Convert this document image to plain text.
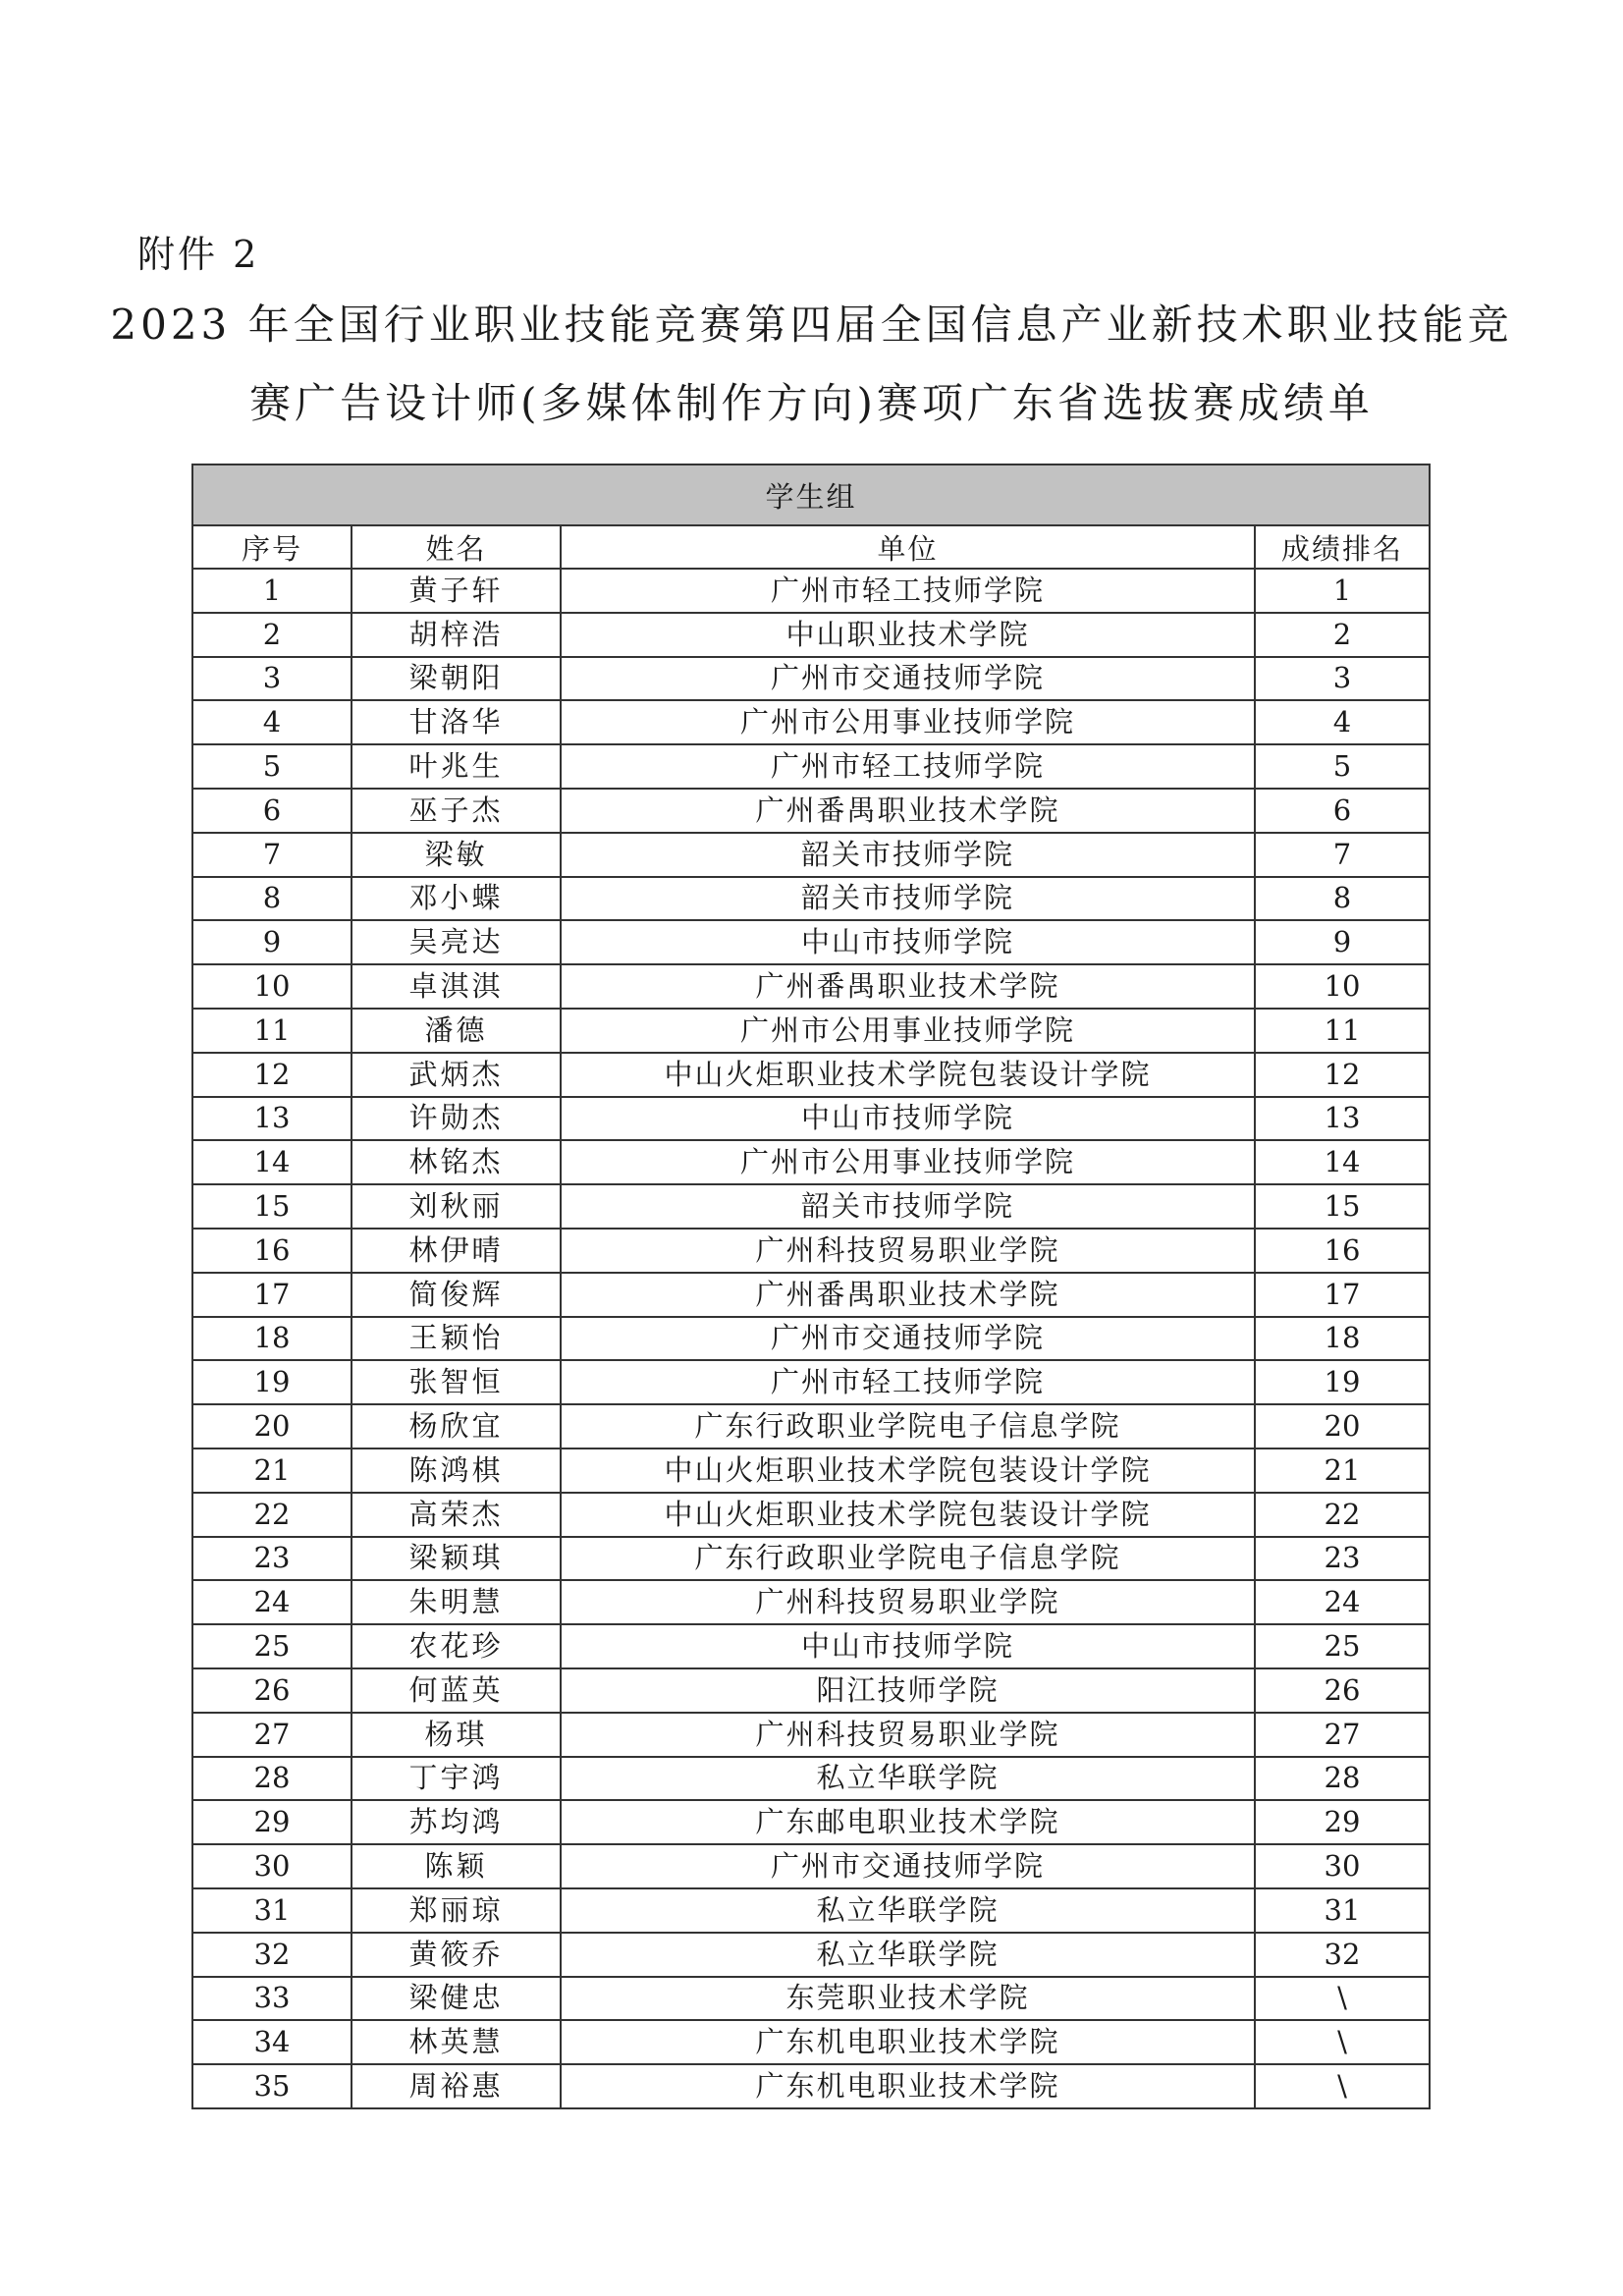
附件 2
2023 年全国行业职业技能竞赛第四届全国信息产业新技术职业技能竞
赛广告设计师(多媒体制作方向)赛项广东省选拔赛成绩单
学生组			
序号	姓名	单位	成绩排名
1	黄子轩	广州市轻工技师学院	1
2	胡梓浩	中山职业技术学院	2
3	梁朝阳	广州市交通技师学院	3
4	甘洛华	广州市公用事业技师学院	4
5	叶兆生	广州市轻工技师学院	5
6	巫子杰	广州番禺职业技术学院	6
7	梁敏	韶关市技师学院	7
8	邓小蝶	韶关市技师学院	8
9	吴亮达	中山市技师学院	9
10	卓淇淇	广州番禺职业技术学院	10
11	潘德	广州市公用事业技师学院	11
12	武炳杰	中山火炬职业技术学院包装设计学院	12
13	许勋杰	中山市技师学院	13
14	林铭杰	广州市公用事业技师学院	14
15	刘秋丽	韶关市技师学院	15
16	林伊晴	广州科技贸易职业学院	16
17	简俊辉	广州番禺职业技术学院	17
18	王颖怡	广州市交通技师学院	18
19	张智恒	广州市轻工技师学院	19
20	杨欣宜	广东行政职业学院电子信息学院	20
21	陈鸿棋	中山火炬职业技术学院包装设计学院	21
22	高荣杰	中山火炬职业技术学院包装设计学院	22
23	梁颖琪	广东行政职业学院电子信息学院	23
24	朱明慧	广州科技贸易职业学院	24
25	农花珍	中山市技师学院	25
26	何蓝英	阳江技师学院	26
27	杨琪	广州科技贸易职业学院	27
28	丁宇鸿	私立华联学院	28
29	苏均鸿	广东邮电职业技术学院	29
30	陈颖	广州市交通技师学院	30
31	郑丽琼	私立华联学院	31
32	黄筱乔	私立华联学院	32
33	梁健忠	东莞职业技术学院	\
34	林英慧	广东机电职业技术学院	\
35	周裕惠	广东机电职业技术学院	\
